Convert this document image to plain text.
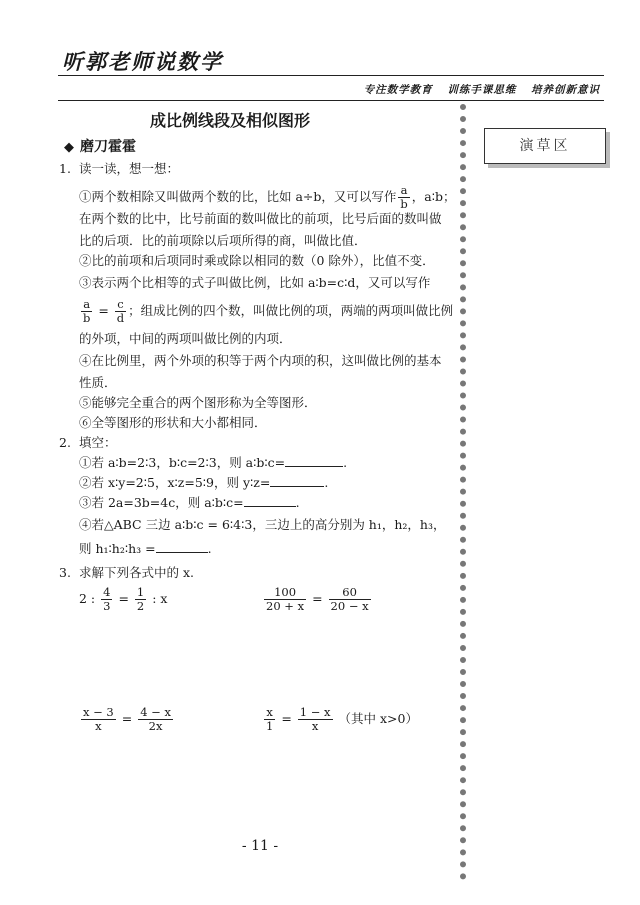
听郭老师说数学
专注数学教育 训练手课思维 培养创新意识
成比例线段及相似图形
演草区
◆ 磨刀霍霍
1. 读一读，想一想：
①两个数相除又叫做两个数的比，比如 a÷b，又可以写作 $\frac{a}{b}$ ，a∶b；
在两个数的比中，比号前面的数叫做比的前项，比号后面的数叫做
比的后项．比的前项除以后项所得的商，叫做比值．
②比的前项和后项同时乘或除以相同的数（0 除外），比值不变．
③表示两个比相等的式子叫做比例，比如 a∶b=c∶d，又可以写作
$\frac{a}{b} = \frac{c}{d}$ ；组成比例的四个数，叫做比例的项，两端的两项叫做比例
的外项，中间的两项叫做比例的内项．
④在比例里，两个外项的积等于两个内项的积，这叫做比例的基本
性质．
⑤能够完全重合的两个图形称为全等图形．
⑥全等图形的形状和大小都相同．
2. 填空：
①若 a∶b=2∶3，b∶c=2∶3，则 a∶b∶c=	.
②若 x∶y=2∶5，x∶z=5∶9，则 y∶z=	.
③若 2a=3b=4c，则 a∶b∶c=	.
④若△ABC 三边 a∶b∶c = 6∶4∶3，三边上的高分别为 h₁，h₂，h₃，
则 h₁∶h₂∶h₃ =	.
3. 求解下列各式中的 x.
2 : $\frac{4}{3} = \frac{1}{2}$ : x	$\frac{100}{20 + x} = \frac{60}{20 - x}$
$\frac{x - 3}{x} = \frac{4 - x}{2x}$	$\frac{x}{1} = \frac{1 - x}{x}$ （其中 x>0）
- 11 -
